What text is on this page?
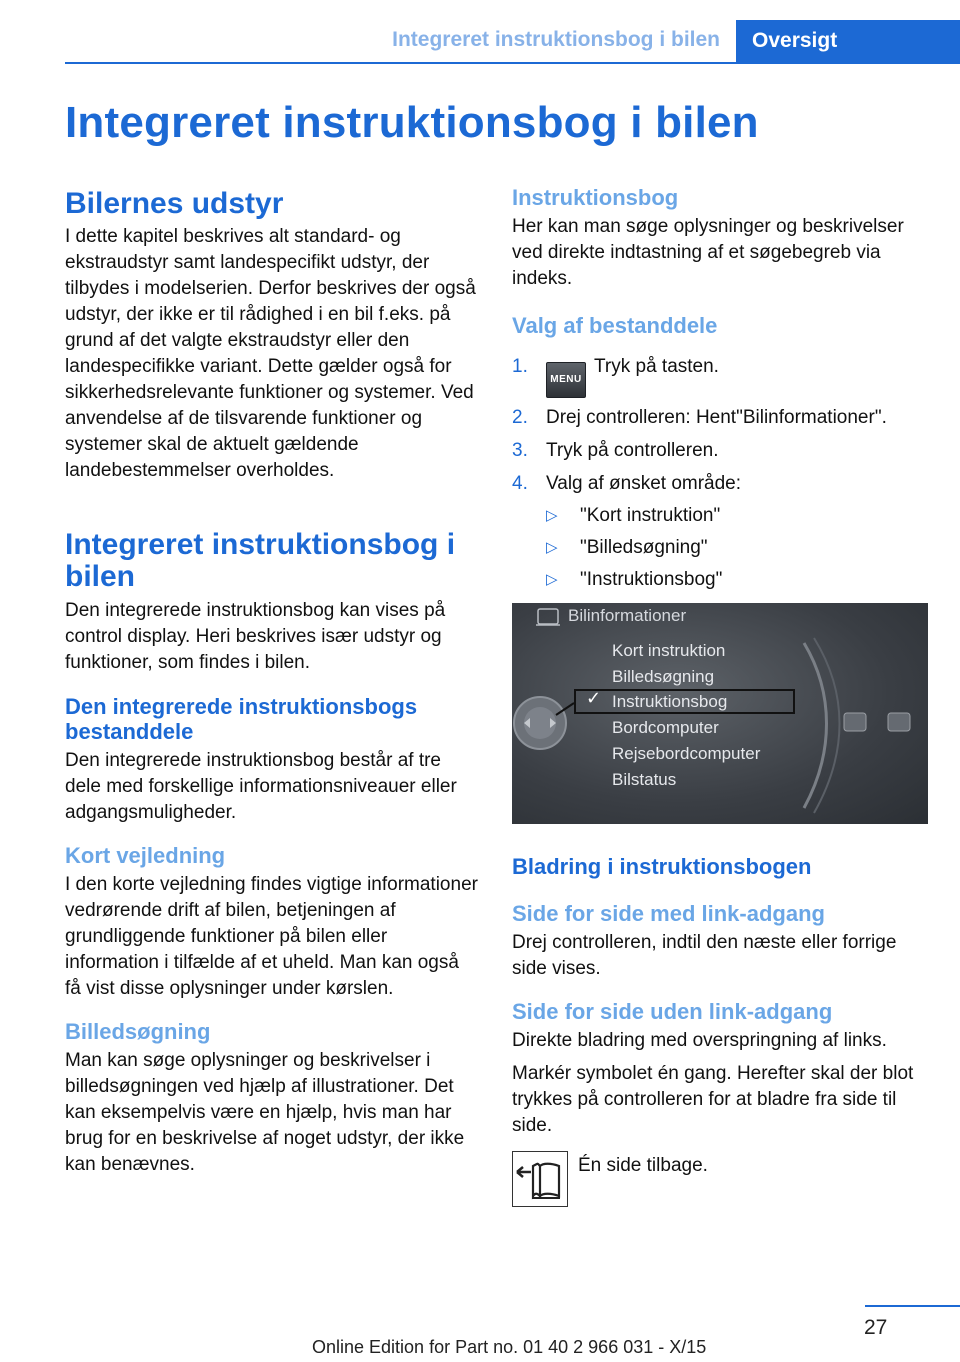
Integreret instruktionsbog i bilen	Oversigt
Integreret instruktionsbog i bilen
Bilernes udstyr

I dette kapitel beskrives alt standard- og ekstraudstyr samt landespecifikt udstyr, der tilbydes i modelserien. Derfor beskrives der også udstyr, der ikke er til rådighed i en bil f.eks. på grund af det valgte ekstraudstyr eller den landespecifikke variant. Dette gælder også for sikkerhedsrelevante funktioner og systemer. Ved anvendelse af de tilsvarende funktioner og systemer skal de aktuelt gældende landebestemmelser overholdes.

Integreret instruktionsbog i bilen

Den integrerede instruktionsbog kan vises på control display. Heri beskrives især udstyr og funktioner, som findes i bilen.

Den integrerede instruktionsbogs bestanddele

Den integrerede instruktionsbog består af tre dele med forskellige informationsniveauer eller adgangsmuligheder.

Kort vejledning

I den korte vejledning findes vigtige informationer vedrørende drift af bilen, betjeningen af grundliggende funktioner på bilen eller information i tilfælde af et uheld. Man kan også få vist disse oplysninger under kørslen.

Billedsøgning

Man kan søge oplysninger og beskrivelser i billedsøgningen ved hjælp af illustrationer. Det kan eksempelvis være en hjælp, hvis man har brug for en beskrivelse af noget udstyr, der ikke kan benævnes.

Instruktionsbog

Her kan man søge oplysninger og beskrivelser ved direkte indtastning af et søgebegreb via indeks.

Valg af bestanddele
1.
MENUTryk på tasten.
2. Drej controlleren: Hent"Bilinformationer".
3. Tryk på controlleren.
4. Valg af ønsket område:
▷ "Kort instruktion"
▷ "Billedsøgning"
▷ "Instruktionsbog"
Bilinformationer
Kort instruktion
Billedsøgning
✓ Instruktionsbog
Bordcomputer
Rejsebordcomputer
Bilstatus
Bladring i instruktionsbogen
Side for side med link-adgang

Drej controlleren, indtil den næste eller forrige side vises.

Side for side uden link-adgang

Direkte bladring med overspringning af links.

Markér symbolet én gang. Herefter skal der blot trykkes på controlleren for at bladre fra side til side.

Én side tilbage.
27
Online Edition for Part no. 01 40 2 966 031 - X/15
